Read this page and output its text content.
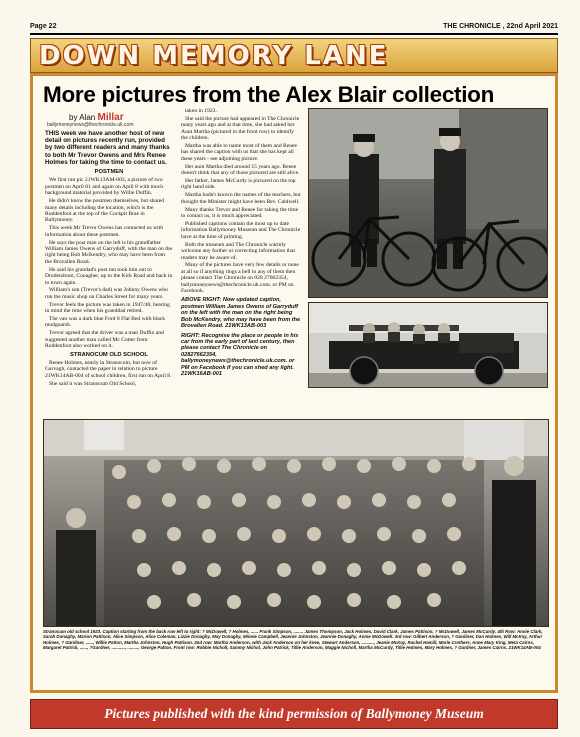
Page 22	THE CHRONICLE , 22nd April 2021
DOWN MEMORY LANE
More pictures from the Alex Blair collection
by Alan Millar
ballymoneynews@thechronicle.uk.com

THIS week we have another host of new detail on pictures recently run, provided by two different readers and many thanks to both Mr Trevor Owens and Mrs Renee Holmes for taking the time to contact us.

POSTMEN

We first ran pic 21WK13AM-003, a picture of two postmen on April 01 and again on April 8 with much background material provided by Willie Duffin.

He didn't know the postmen themselves, but shared many details including the location, which is the Roddenfoot at the top of the Cockpit Brae in Ballymoney.

This week Mr Trevor Owens has contacted us with information about these postmen.

He says the post man on the left is his grandfather William James Owens of Garryduff, with the man on the right being Bob McKendry, who may have been from the Brovallen Road.

He said his grandad's post run took him out to Drudendrum, Conagher, up to the Kirk Road and back in to town again.

William's son (Trevor's dad) was Johnny Owens who run the music shop on Charles Street for many years.

Trevor feels the picture was taken in 1947/48, bearing in mind the time when his granddad retired.

The van was a dark blue Ford 8 Flat Bed with black mudguards.

Trevor agreed that the driver was a man Duffin and suggested another man called Mc Cotter from Roddenfoot also worked on it.

STRANOCUM OLD SCHOOL

Renee Holmes, nearly in Stranocum, but now of Garvagh, contacted the paper in relation to picture 21WK14AB-004 of school children, first run on April 8.

She said it was Stranocum Old School,

taken in 1923.

She said the picture had appeared in The Chronicle many years ago and at that time, she had asked her Aunt Martha (pictured in the front row) to identify the children.

Martha was able to name most of them and Renee has shared the caption with us that she has kept all these years - see adjoining picture.

Her aunt Martha died around 15 years ago. Renee doesn't think that any of those pictured are still alive.

Her father, James McCurdy is pictured on the top right hand side.

Martha hadn't known the names of the teachers, but thought the Minister might have been Rev. Caldwell.

Many thanks Trevor and Renee for taking the time to contact us, it is much appreciated.

Published captions contain the most up to date information Ballymoney Museum and The Chronicle have at the time of printing.

Both the museum and The Chronicle warmly welcome any further or correcting information that readers may be aware of.

Many of the pictures have very few details or none at all so if anything rings a bell in any of them then please contact The Chronicle on 028 27662354, ballymoneynews@thechronicle.uk.com. or PM on Facebook.

ABOVE RIGHT: Now updated caption, postmen William James Owens of Garryduff on the left with the man on the right being Bob McKendry, who may have been from the Brovallen Road. 21WK13AB-003

RIGHT: Recognise the place or people in his car from the early part of last century, then please contact The Chronicle on 02827662354, ballymoneynews@thechronicle.uk.com. or PM on Facebook if you can shed any light. 21WK16AB-001

Stranocum old school 1923. Caption starting from the back row left to right: ? McDowell, ? Holmes, ...... Frank Simpson, ........ James Thompson, Jack Holmes, David Clark, James Pattison, ? McDowell, James McCurdy. 4th Row: Annie Clark, Sarah Donaghy, Marion Pattison, Alice Simpson, Alice Coleman, Lizzie Donaghy, May Donaghy, Minnie Campbell, Jeannie Johnston, Jeannie Donaghy, Annie McDowell. 3rd row: Gilbert Anderson, ? Gardiner, Dan Holmes, Will McKay, Arthur Holmes, ? Gardiner, ......, Willie Patton, Martha Johnston, Hugh Pattison. 2nd row: Martha Anderson, with Jack Anderson on her knee, Stewart Anderson, .........., Jeanie McKay, Rachel Hamill, Marie Crothers, Anne Mary King, Meta Cairns, Margaret Patrick, ......, ?Gardner, ..........., ........., George Patton. Front row: Robbie Nicholl, Sammy Nichol, John Patrick, Tillie Anderson, Maggie Nicholl, Martha McCurdy, Tillie Holmes, Mary Holmes, ? Gardner, James Cairns. 21WK14AB-004
Pictures published with the kind permission of Ballymoney Museum
